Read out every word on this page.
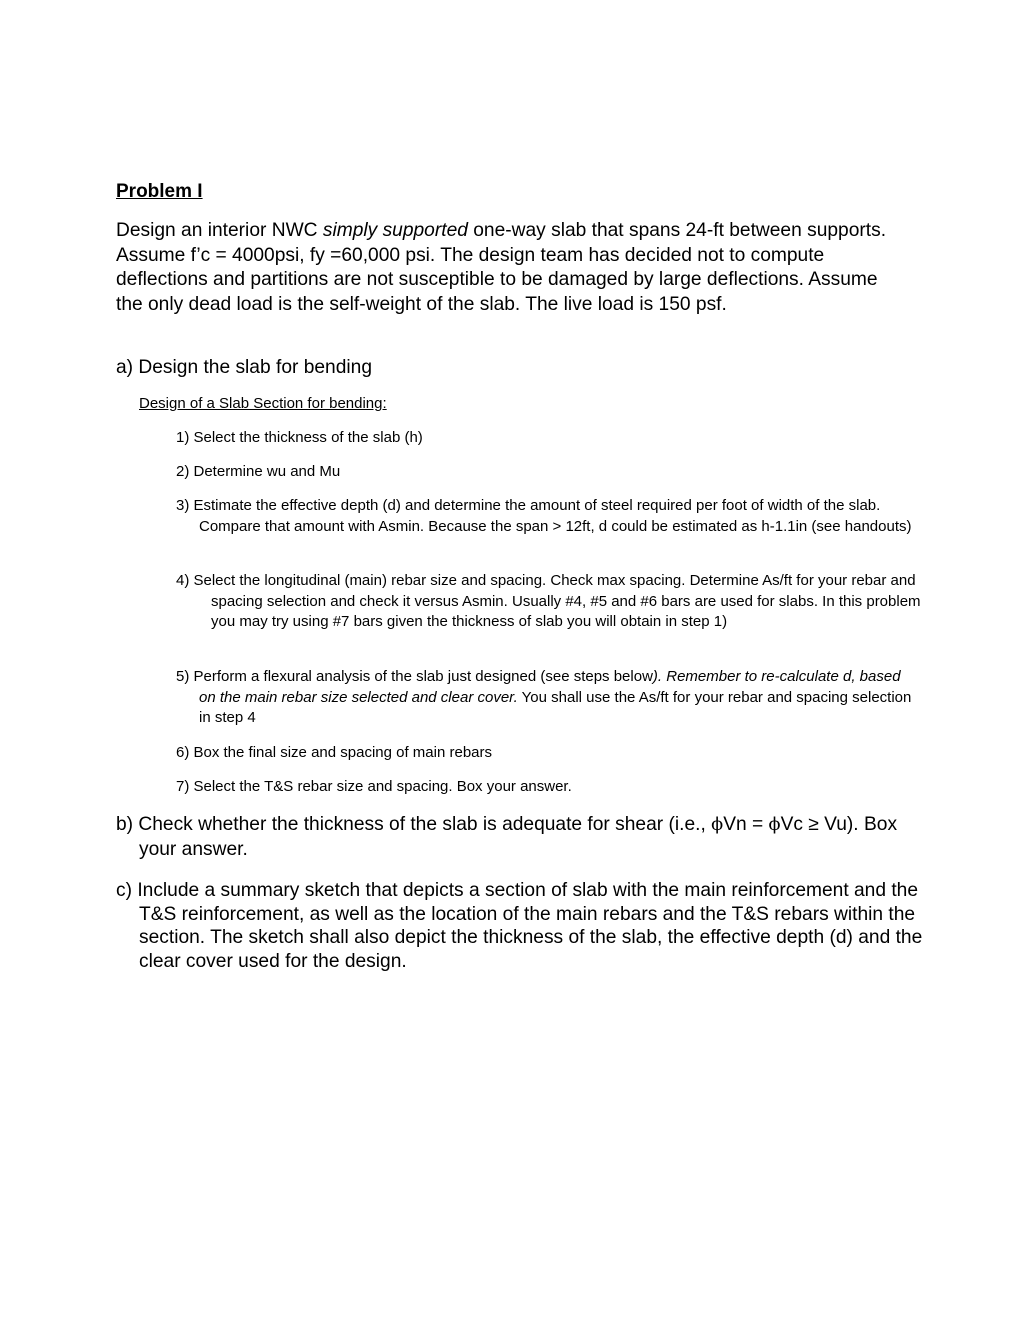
Problem I

Design an interior NWC simply supported one-way slab that spans 24-ft between supports. Assume f’c = 4000psi, fy =60,000 psi. The design team has decided not to compute deflections and partitions are not susceptible to be damaged by large deflections. Assume the only dead load is the self-weight of the slab. The live load is 150 psf.

a) Design the slab for bending

Design of a Slab Section for bending:

1) Select the thickness of the slab (h)

2) Determine wu and Mu

3) Estimate the effective depth (d) and determine the amount of steel required per foot of width of the slab. Compare that amount with Asmin. Because the span > 12ft, d could be estimated as h-1.1in (see handouts)

4) Select the longitudinal (main) rebar size and spacing. Check max spacing. Determine As/ft for your rebar and spacing selection and check it versus Asmin. Usually #4, #5 and #6 bars are used for slabs. In this problem you may try using #7 bars given the thickness of slab you will obtain in step 1)

5) Perform a flexural analysis of the slab just designed (see steps below). Remember to re-calculate d, based on the main rebar size selected and clear cover. You shall use the As/ft for your rebar and spacing selection in step 4

6) Box the final size and spacing of main rebars

7) Select the T&S rebar size and spacing. Box your answer.

b) Check whether the thickness of the slab is adequate for shear (i.e., ϕVn = ϕVc ≥ Vu). Box your answer.

c) Include a summary sketch that depicts a section of slab with the main reinforcement and the T&S reinforcement, as well as the location of the main rebars and the T&S rebars within the section. The sketch shall also depict the thickness of the slab, the effective depth (d) and the clear cover used for the design.
